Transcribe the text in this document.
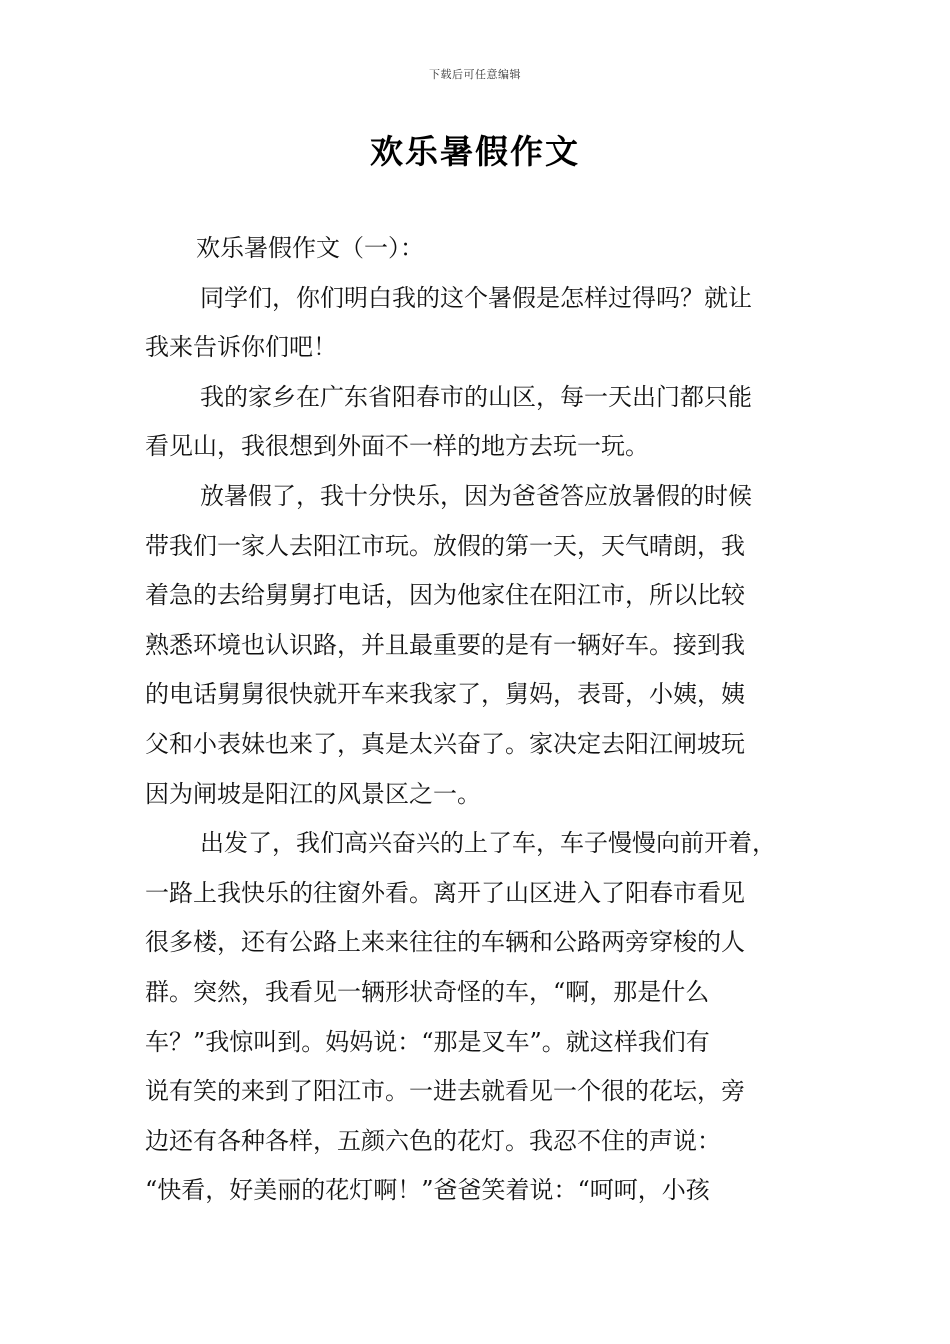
下载后可任意编辑
欢乐暑假作文
欢乐暑假作文（一）：
同学们，你们明白我的这个暑假是怎样过得吗？就让
我来告诉你们吧！
我的家乡在广东省阳春市的山区，每一天出门都只能
看见山，我很想到外面不一样的地方去玩一玩。
放暑假了，我十分快乐，因为爸爸答应放暑假的时候
带我们一家人去阳江市玩。放假的第一天，天气晴朗，我
着急的去给舅舅打电话，因为他家住在阳江市，所以比较
熟悉环境也认识路，并且最重要的是有一辆好车。接到我
的电话舅舅很快就开车来我家了，舅妈，表哥，小姨，姨
父和小表妹也来了，真是太兴奋了。家决定去阳江闸坡玩
因为闸坡是阳江的风景区之一。
出发了，我们高兴奋兴的上了车，车子慢慢向前开着，
一路上我快乐的往窗外看。离开了山区进入了阳春市看见
很多楼，还有公路上来来往往的车辆和公路两旁穿梭的人
群。突然，我看见一辆形状奇怪的车，“啊，那是什么
车？”我惊叫到。妈妈说：“那是叉车”。就这样我们有
说有笑的来到了阳江市。一进去就看见一个很的花坛，旁
边还有各种各样，五颜六色的花灯。我忍不住的声说：
“快看，好美丽的花灯啊！”爸爸笑着说：“呵呵，小孩
